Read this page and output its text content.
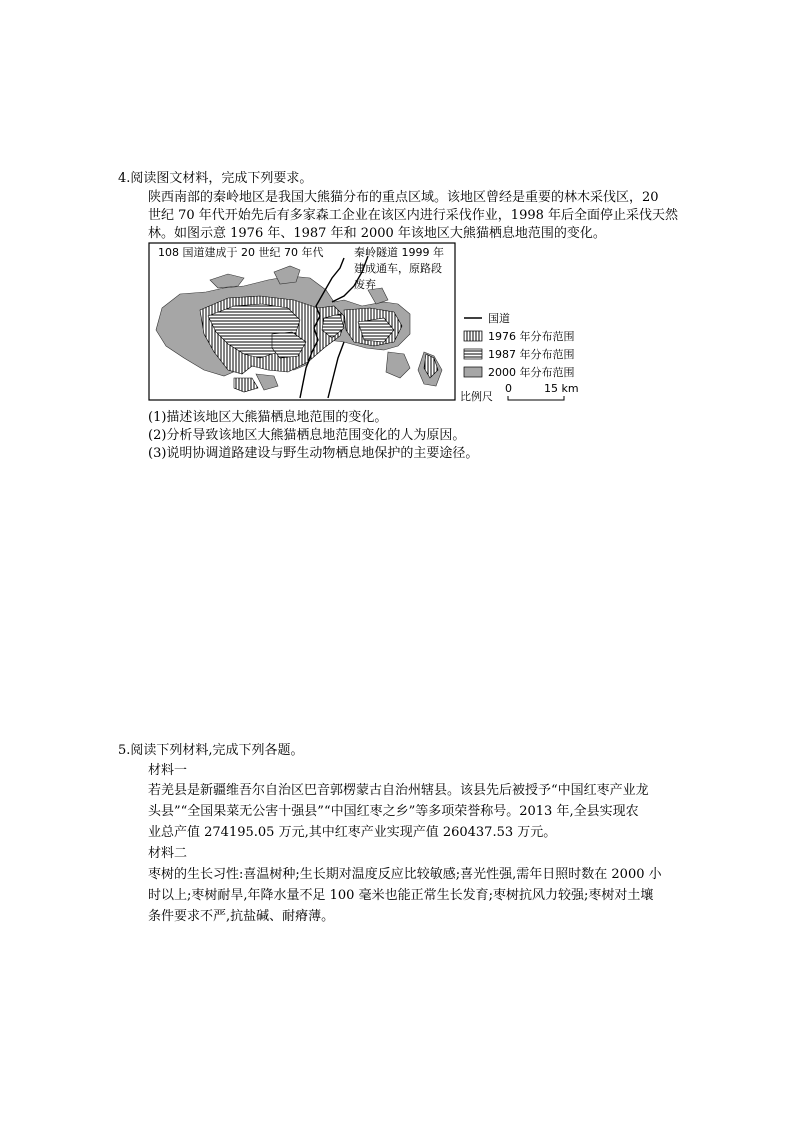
4.阅读图文材料，完成下列要求。
陕西南部的秦岭地区是我国大熊猫分布的重点区域。该地区曾经是重要的林木采伐区，20
世纪 70 年代开始先后有多家森工企业在该区内进行采伐作业，1998 年后全面停止采伐天然
林。如图示意 1976 年、1987 年和 2000 年该地区大熊猫栖息地范围的变化。
108 国道建成于 20 世纪 70 年代	秦岭隧道 1999 年
建成通车，原路段
废弃
国道
1976 年分布范围
1987 年分布范围
2000 年分布范围
比例尺
0	15 km
(1)描述该地区大熊猫栖息地范围的变化。
(2)分析导致该地区大熊猫栖息地范围变化的人为原因。
(3)说明协调道路建设与野生动物栖息地保护的主要途径。
5.阅读下列材料,完成下列各题。
材料一
若羌县是新疆维吾尔自治区巴音郭楞蒙古自治州辖县。该县先后被授予“中国红枣产业龙
头县”“全国果菜无公害十强县”“中国红枣之乡”等多项荣誉称号。2013 年,全县实现农
业总产值 274195.05 万元,其中红枣产业实现产值 260437.53 万元。
材料二
枣树的生长习性:喜温树种;生长期对温度反应比较敏感;喜光性强,需年日照时数在 2000 小
时以上;枣树耐旱,年降水量不足 100 毫米也能正常生长发育;枣树抗风力较强;枣树对土壤
条件要求不严,抗盐碱、耐瘠薄。
